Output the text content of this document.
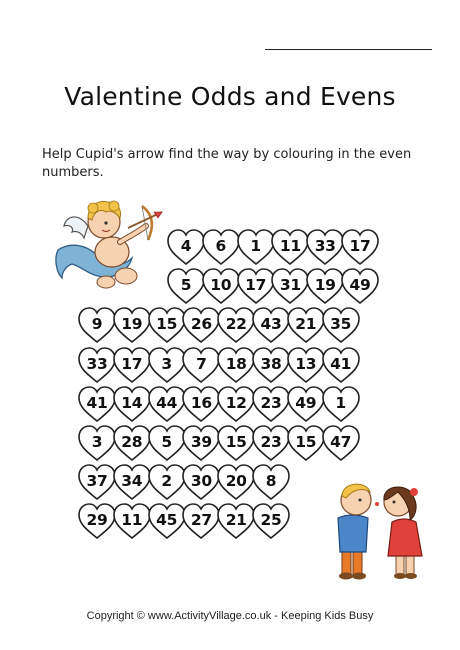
Valentine Odds and Evens
Help Cupid's arrow find the way by colouring in the even numbers.
4	6	1	11 33 17
5	10 17 31 19 49
9	19 15 26 22 43 21 35
33 17	3	7	18 38 13 41
41 14 44 16 12 23 49	1
3	28	5	39 15 23 15 47
37 34	2	30 20	8
29 11 45 27 21 25
Copyright © www.ActivityVillage.co.uk - Keeping Kids Busy
